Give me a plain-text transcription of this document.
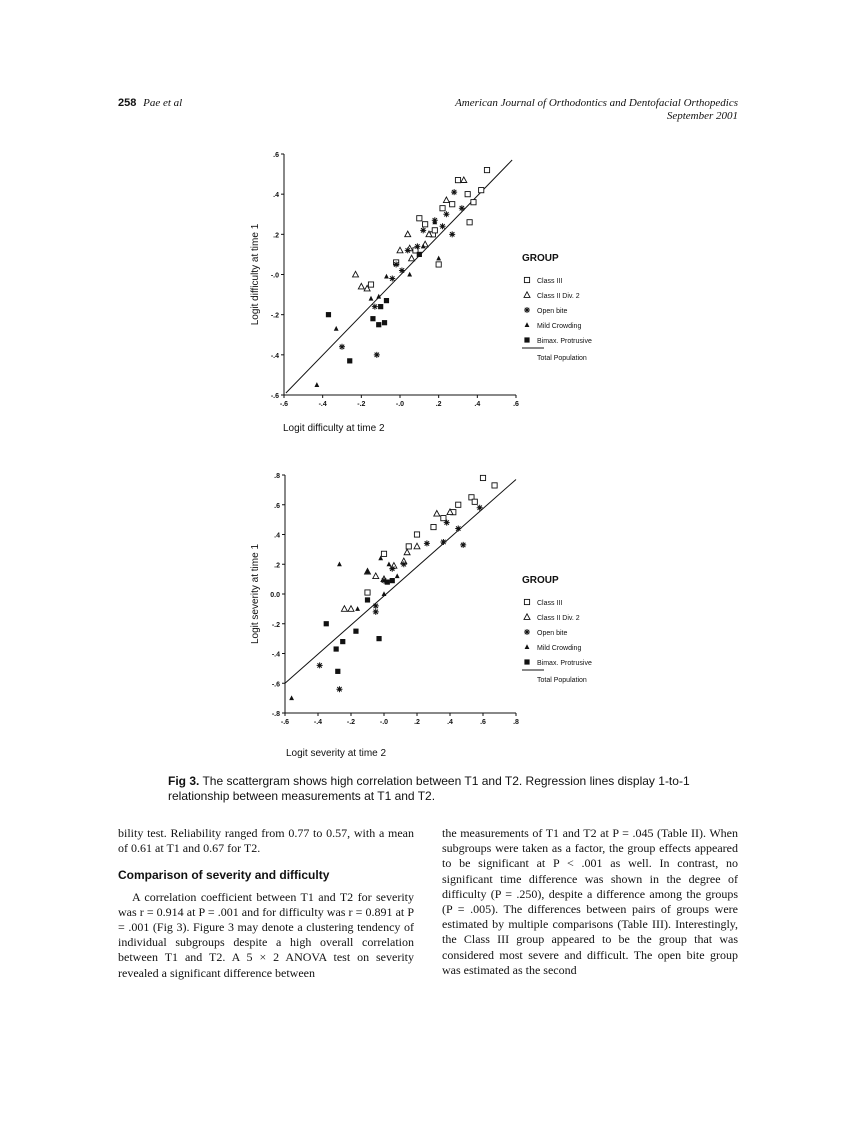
258 Pae et al	American Journal of Orthodontics and Dentofacial Orthopedics
September 2001
.6
.4
.2
-.0
-.2
-.4
-.6
-.6	-.4	-.2	-.0	.2	.4	.6
Logit difficulty at time 1
Logit difficulty at time 2
GROUP
Class III
Class II Div. 2
Open bite
Mild Crowding
Bimax. Protrusive
Total Population
.8
.6
.4
.2
0.0
-.2
-.4
-.6
-.8
-.6	-.4	-.2	-.0	.2	.4	.6	.8
Logit severity at time 1
Logit severity at time 2
GROUP
Class III
Class II Div. 2
Open bite
Mild Crowding
Bimax. Protrusive
Total Population
Fig 3. The scattergram shows high correlation between T1 and T2. Regression lines display 1-to-1 relationship between measurements at T1 and T2.

bility test. Reliability ranged from 0.77 to 0.57, with a mean of 0.61 at T1 and 0.67 for T2.

Comparison of severity and difficulty

A correlation coefficient between T1 and T2 for severity was r = 0.914 at P = .001 and for difficulty was r = 0.891 at P = .001 (Fig 3). Figure 3 may denote a clustering tendency of individual subgroups despite a high overall correlation between T1 and T2. A 5 × 2 ANOVA test on severity revealed a significant difference between

the measurements of T1 and T2 at P = .045 (Table II). When subgroups were taken as a factor, the group effects appeared to be significant at P < .001 as well. In contrast, no significant time difference was shown in the degree of difficulty (P = .250), despite a difference among the groups (P = .005). The differences between pairs of groups were estimated by multiple comparisons (Table III). Interestingly, the Class III group appeared to be the group that was considered most severe and difficult. The open bite group was estimated as the second
